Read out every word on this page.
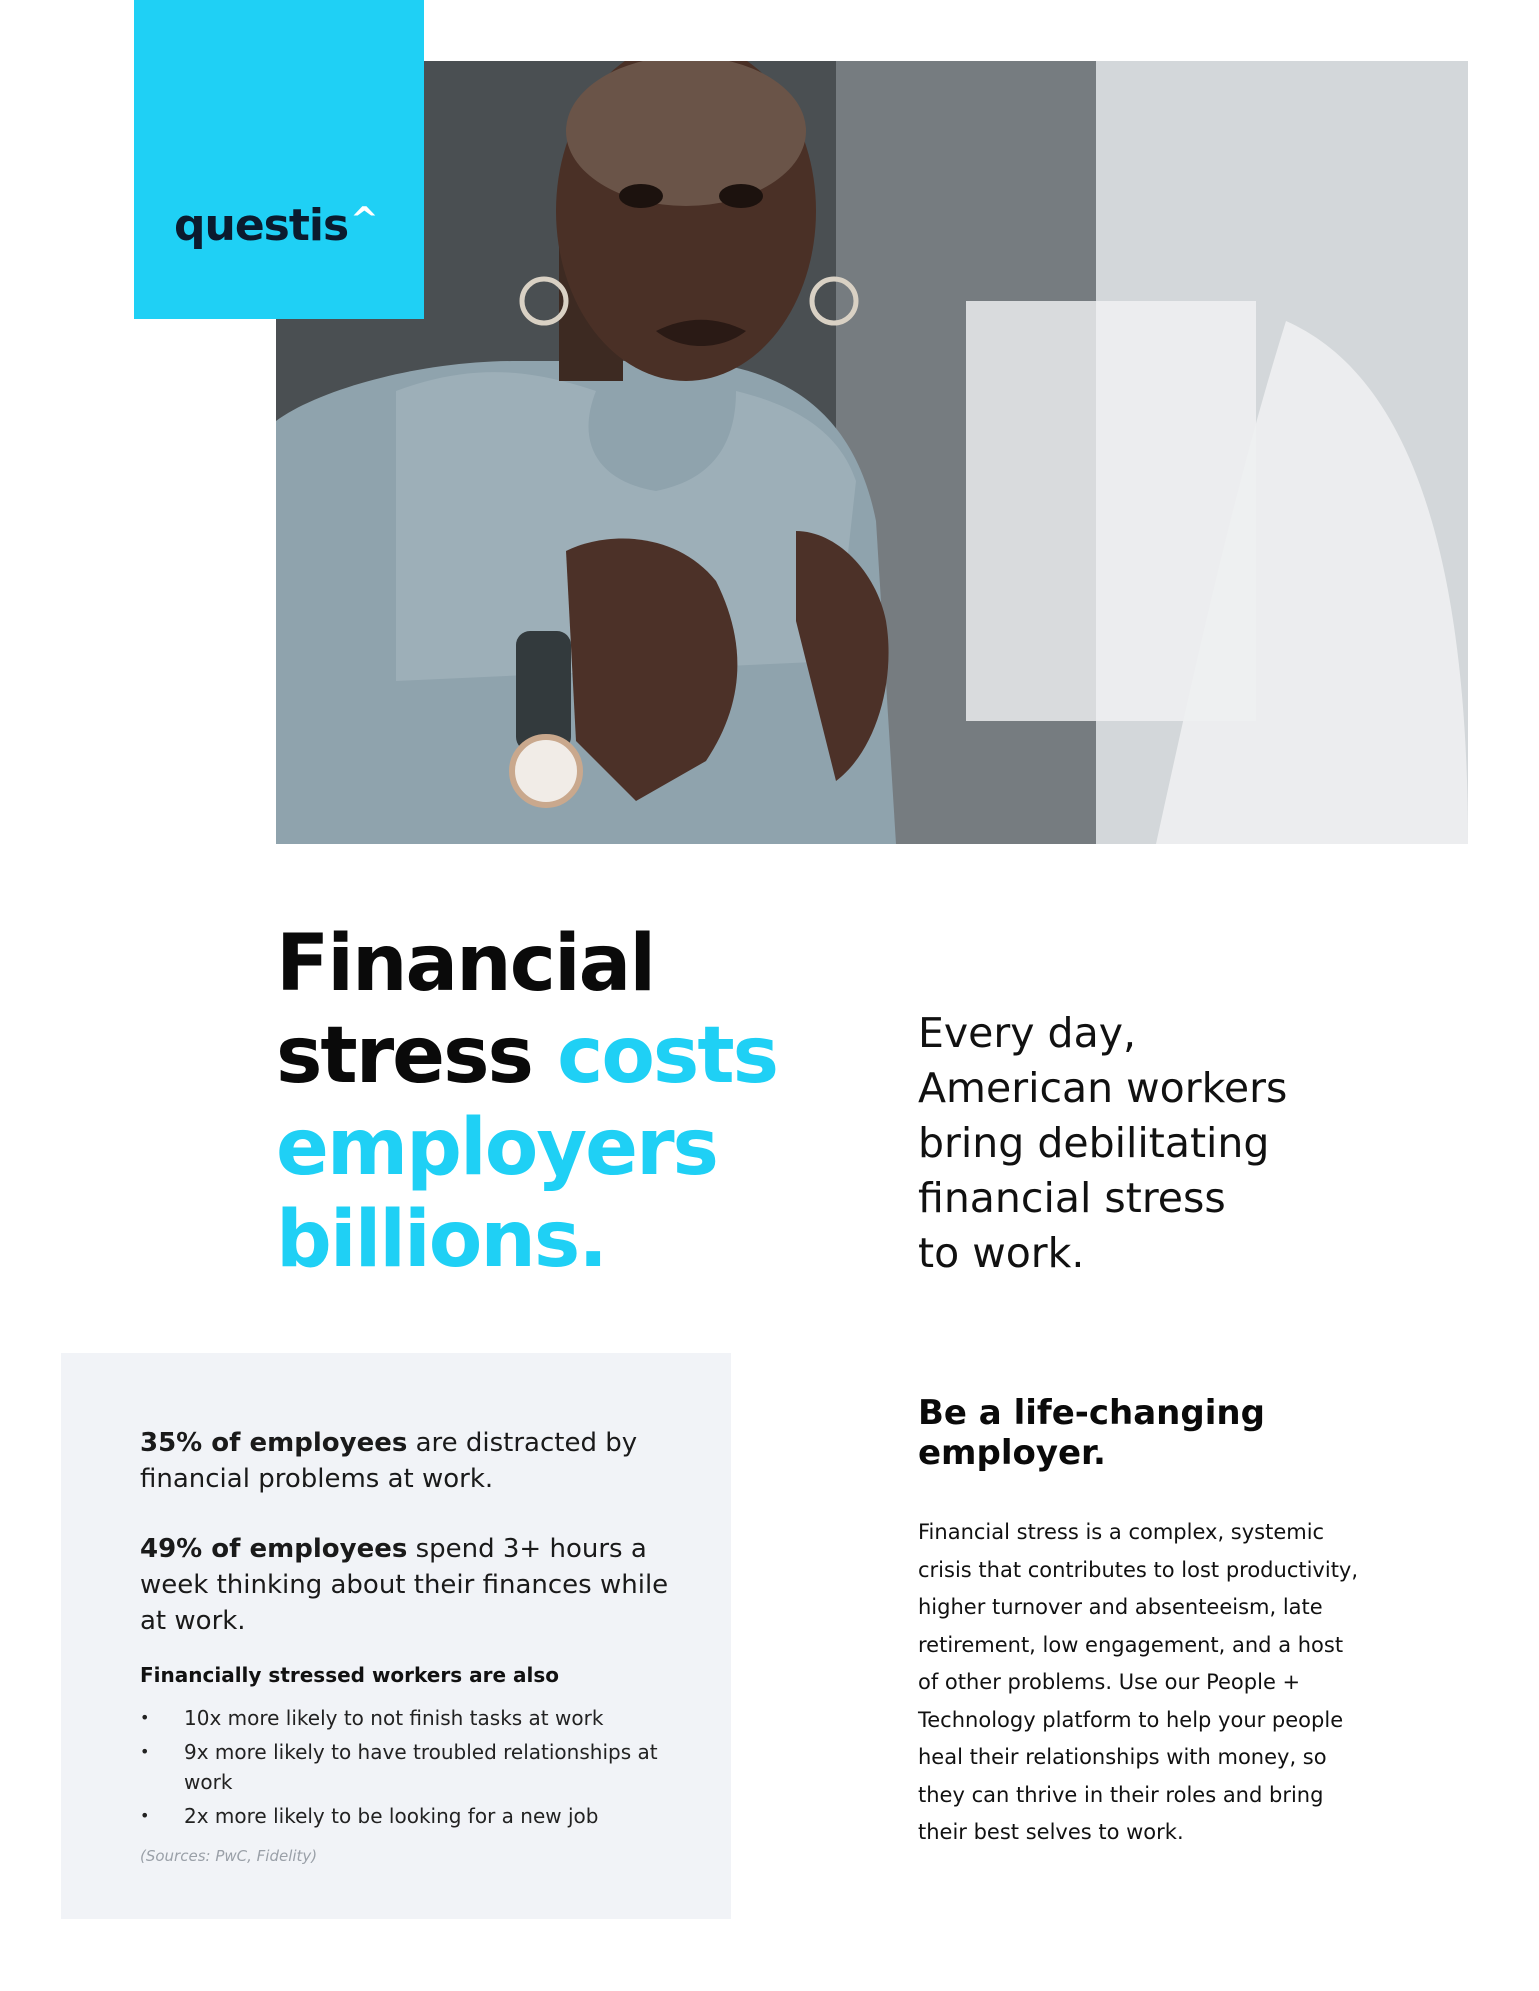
questis^
Financial
stress costs
employers
billions.
Every day,
American workers
bring debilitating
financial stress
to work.
35% of employees are distracted by financial problems at work.
49% of employees spend 3+ hours a week thinking about their finances while at work.
Financially stressed workers are also
• 10x more likely to not finish tasks at work
• 9x more likely to have troubled relationships at work
• 2x more likely to be looking for a new job
(Sources: PwC, Fidelity)
Be a life-changing employer.
Financial stress is a complex, systemic crisis that contributes to lost productivity, higher turnover and absenteeism, late retirement, low engagement, and a host of other problems. Use our People + Technology platform to help your people heal their relationships with money, so they can thrive in their roles and bring their best selves to work.
